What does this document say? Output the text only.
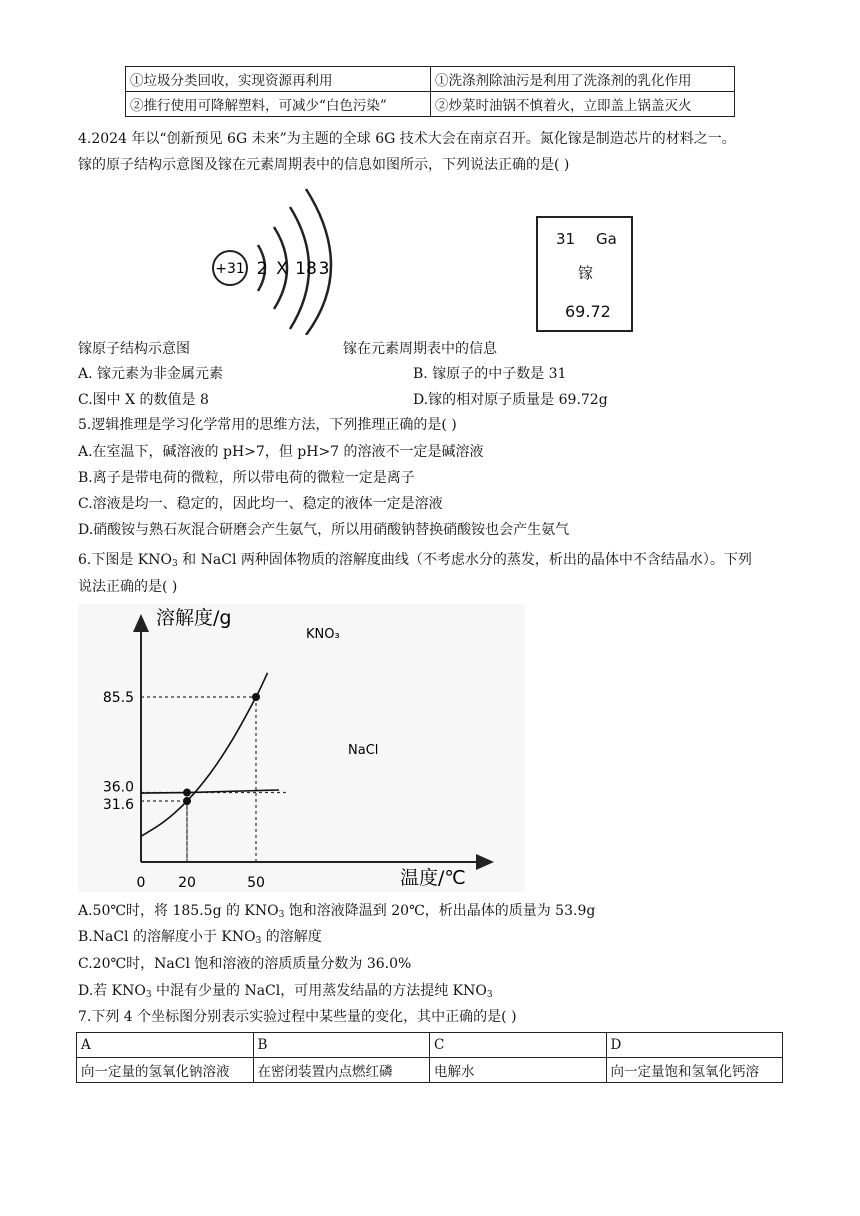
①垃圾分类回收，实现资源再利用	①洗涤剂除油污是利用了洗涤剂的乳化作用
②推行使用可降解塑料，可减少“白色污染”	②炒菜时油锅不慎着火，立即盖上锅盖灭火
4.2024 年以“创新预见 6G 未来”为主题的全球 6G 技术大会在南京召开。氮化镓是制造芯片的材料之一。
镓的原子结构示意图及镓在元素周期表中的信息如图所示，下列说法正确的是( )
+31 2 X 18 3
31 Ga
镓
69.72
镓原子结构示意图	镓在元素周期表中的信息
A. 镓元素为非金属元素	B. 镓原子的中子数是 31
C.图中 X 的数值是 8	D.镓的相对原子质量是 69.72g
5.逻辑推理是学习化学常用的思维方法，下列推理正确的是( )
A.在室温下，碱溶液的 pH>7，但 pH>7 的溶液不一定是碱溶液
B.离子是带电荷的微粒，所以带电荷的微粒一定是离子
C.溶液是均一、稳定的，因此均一、稳定的液体一定是溶液
D.硝酸铵与熟石灰混合研磨会产生氨气，所以用硝酸钠替换硝酸铵也会产生氨气
6.下图是 $KNO_3$ 和 NaCl 两种固体物质的溶解度曲线（不考虑水分的蒸发，析出的晶体中不含结晶水）。下列
说法正确的是( )
溶解度/g
温度/℃
0 20	50
31.6
36.0
85.5
KNO₃
NaCl
A.50℃时，将 185.5g 的 $KNO_3$ 饱和溶液降温到 20℃，析出晶体的质量为 53.9g
B.NaCl 的溶解度小于 $KNO_3$ 的溶解度
C.20℃时，NaCl 饱和溶液的溶质质量分数为 36.0%
D.若 $KNO_3$ 中混有少量的 NaCl，可用蒸发结晶的方法提纯 $KNO_3$
7.下列 4 个坐标图分别表示实验过程中某些量的变化，其中正确的是( )
A	B	C	D
向一定量的氢氧化钠溶液	在密闭装置内点燃红磷	电解水	向一定量饱和氢氧化钙溶
